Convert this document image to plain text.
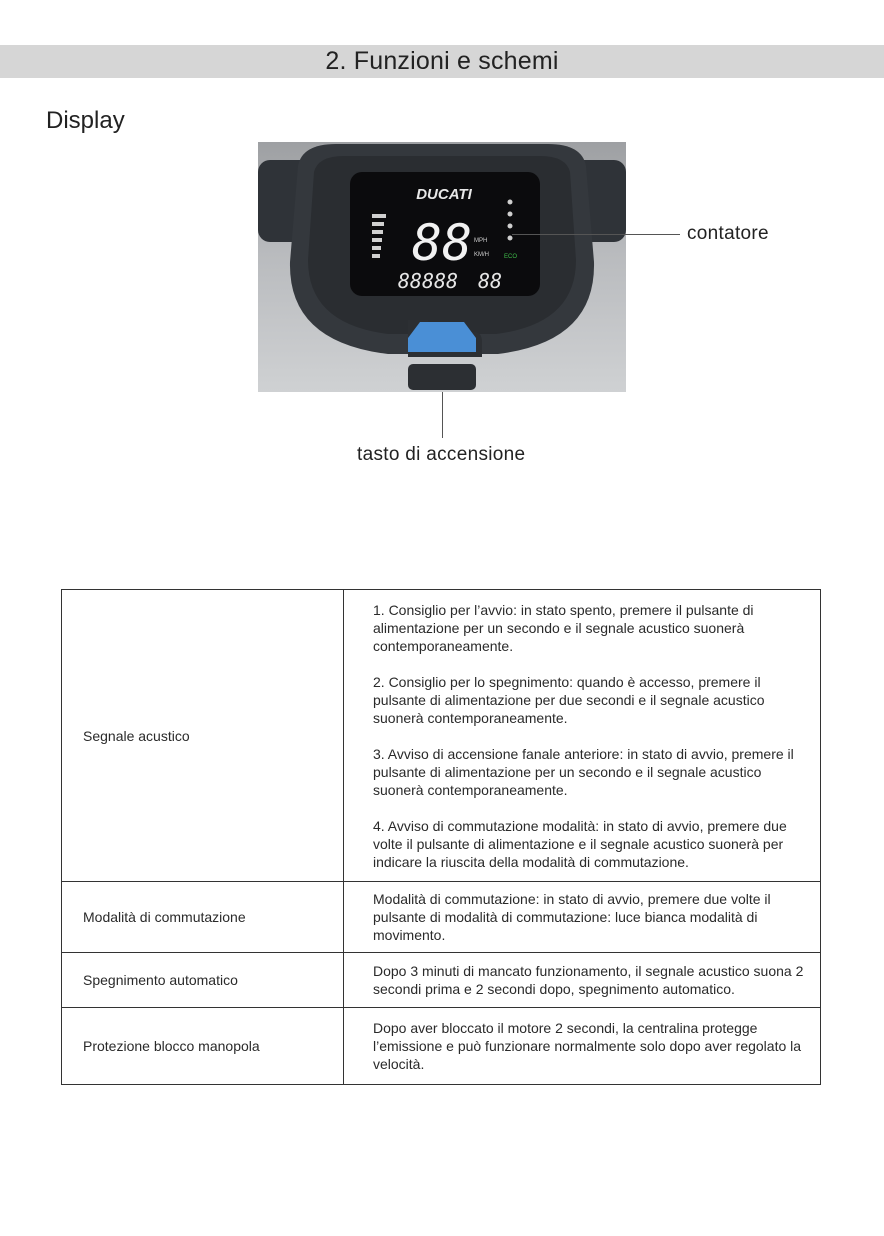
2. Funzioni e schemi
Display
DUCATI
88 MPH
KM/H	ECO
88888 88
contatore
tasto di accensione
Segnale acustico	1. Consiglio per l’avvio: in stato spento, premere il pulsante di alimentazione per un secondo e il segnale acustico suonerà contemporaneamente.

2. Consiglio per lo spegnimento: quando è accesso, premere il pulsante di alimentazione per due secondi e il segnale acustico suonerà contemporaneamente.

3. Avviso di accensione fanale anteriore: in stato di avvio, premere il pulsante di alimentazione per un secondo e il segnale acustico suonerà contemporaneamente.

4. Avviso di commutazione modalità: in stato di avvio, premere due volte il pulsante di alimentazione e il segnale acustico suonerà per indicare la riuscita della modalità di commutazione.

Modalità di commutazione	Modalità di commutazione: in stato di avvio, premere due volte il pulsante di modalità di commutazione: luce bianca modalità di movimento.

Spegnimento automatico	Dopo 3 minuti di mancato funzionamento, il segnale acustico suona 2 secondi prima e 2 secondi dopo, spegnimento automatico.

Protezione blocco manopola	Dopo aver bloccato il motore 2 secondi, la centralina protegge l’emissione e può funzionare normalmente solo dopo aver regolato la velocità.
